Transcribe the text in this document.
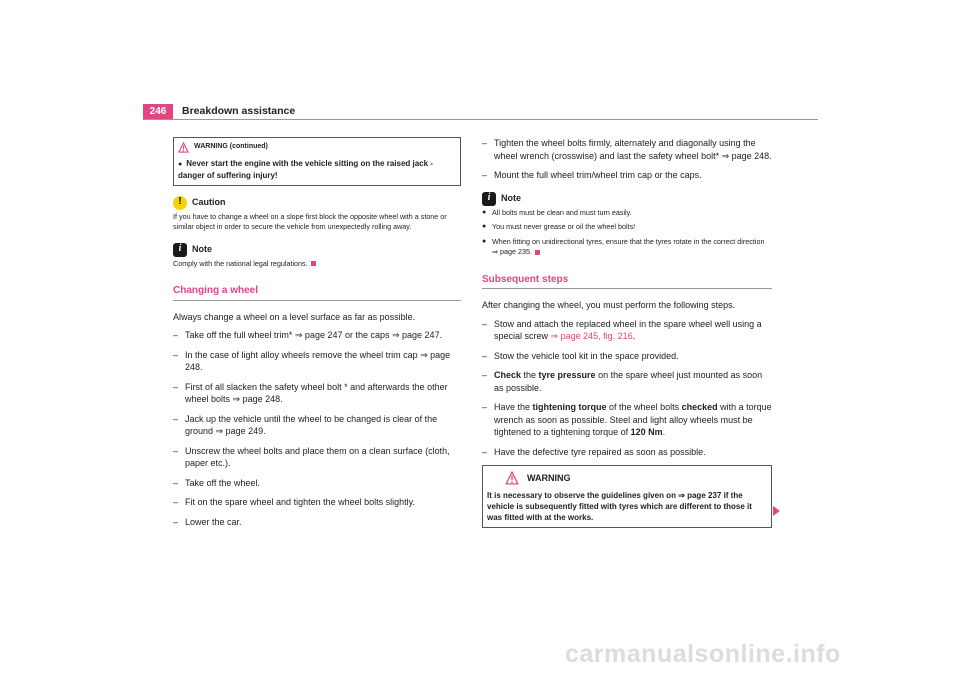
246	Breakdown assistance
WARNING (continued)
● Never start the engine with the vehicle sitting on the raised jack - danger of suffering injury!
!	Caution
If you have to change a wheel on a slope first block the opposite wheel with a stone or similar object in order to secure the vehicle from unexpectedly rolling away.
i	Note
Comply with the national legal regulations.
Changing a wheel
Always change a wheel on a level surface as far as possible.
– Take off the full wheel trim* ⇒ page 247 or the caps ⇒ page 247.
– In the case of light alloy wheels remove the wheel trim cap ⇒ page 248.
– First of all slacken the safety wheel bolt * and afterwards the other wheel bolts ⇒ page 248.
– Jack up the vehicle until the wheel to be changed is clear of the ground ⇒ page 249.
– Unscrew the wheel bolts and place them on a clean surface (cloth, paper etc.).
– Take off the wheel.
– Fit on the spare wheel and tighten the wheel bolts slightly.
– Lower the car.
– Tighten the wheel bolts firmly, alternately and diagonally using the wheel wrench (crosswise) and last the safety wheel bolt* ⇒ page 248.
– Mount the full wheel trim/wheel trim cap or the caps.
i	Note
● All bolts must be clean and must turn easily.
● You must never grease or oil the wheel bolts!
● When fitting on unidirectional tyres, ensure that the tyres rotate in the correct direction ⇒ page 235.
Subsequent steps
After changing the wheel, you must perform the following steps.
– Stow and attach the replaced wheel in the spare wheel well using a special screw ⇒ page 245, fig. 216.
– Stow the vehicle tool kit in the space provided.
– Check the tyre pressure on the spare wheel just mounted as soon as possible.
– Have the tightening torque of the wheel bolts checked with a torque wrench as soon as possible. Steel and light alloy wheels must be tightened to a tightening torque of 120 Nm.
– Have the defective tyre repaired as soon as possible.
WARNING
It is necessary to observe the guidelines given on ⇒ page 237 if the vehicle is subsequently fitted with tyres which are different to those it was fitted with at the works.
carmanualsonline.info
